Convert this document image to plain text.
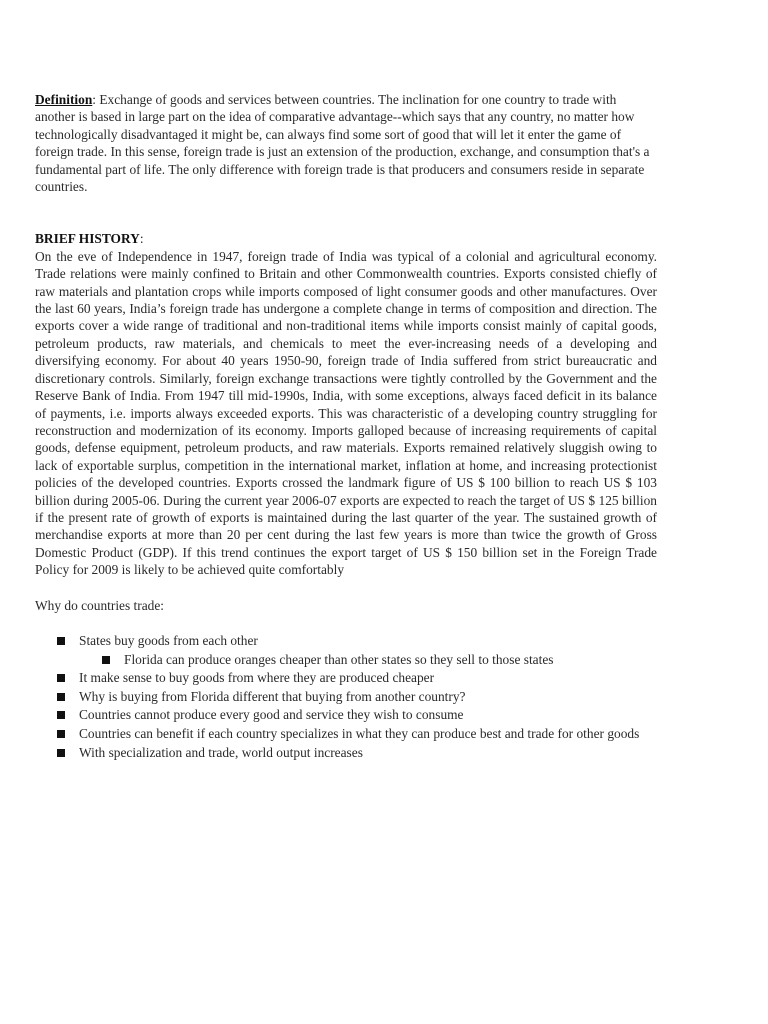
Definition: Exchange of goods and services between countries. The inclination for one country to trade with another is based in large part on the idea of comparative advantage--which says that any country, no matter how technologically disadvantaged it might be, can always find some sort of good that will let it enter the game of foreign trade. In this sense, foreign trade is just an extension of the production, exchange, and consumption that's a fundamental part of life. The only difference with foreign trade is that producers and consumers reside in separate countries.

BRIEF HISTORY:

On the eve of Independence in 1947, foreign trade of India was typical of a colonial and agricultural economy. Trade relations were mainly confined to Britain and other Commonwealth countries. Exports consisted chiefly of raw materials and plantation crops while imports composed of light consumer goods and other manufactures. Over the last 60 years, India’s foreign trade has undergone a complete change in terms of composition and direction. The exports cover a wide range of traditional and non-traditional items while imports consist mainly of capital goods, petroleum products, raw materials, and chemicals to meet the ever-increasing needs of a developing and diversifying economy. For about 40 years 1950-90, foreign trade of India suffered from strict bureaucratic and discretionary controls. Similarly, foreign exchange transactions were tightly controlled by the Government and the Reserve Bank of India. From 1947 till mid-1990s, India, with some exceptions, always faced deficit in its balance of payments, i.e. imports always exceeded exports. This was characteristic of a developing country struggling for reconstruction and modernization of its economy. Imports galloped because of increasing requirements of capital goods, defense equipment, petroleum products, and raw materials. Exports remained relatively sluggish owing to lack of exportable surplus, competition in the international market, inflation at home, and increasing protectionist policies of the developed countries. Exports crossed the landmark figure of US $ 100 billion to reach US $ 103 billion during 2005-06. During the current year 2006-07 exports are expected to reach the target of US $ 125 billion if the present rate of growth of exports is maintained during the last quarter of the year. The sustained growth of merchandise exports at more than 20 per cent during the last few years is more than twice the growth of Gross Domestic Product (GDP). If this trend continues the export target of US $ 150 billion set in the Foreign Trade Policy for 2009 is likely to be achieved quite comfortably

Why do countries trade:

States buy goods from each other
Florida can produce oranges cheaper than other states so they sell to those states
It make sense to buy goods from where they are produced cheaper
Why is buying from Florida different that buying from another country?
Countries cannot produce every good and service they wish to consume
Countries can benefit if each country specializes in what they can produce best and trade for other goods
With specialization and trade, world output increases
